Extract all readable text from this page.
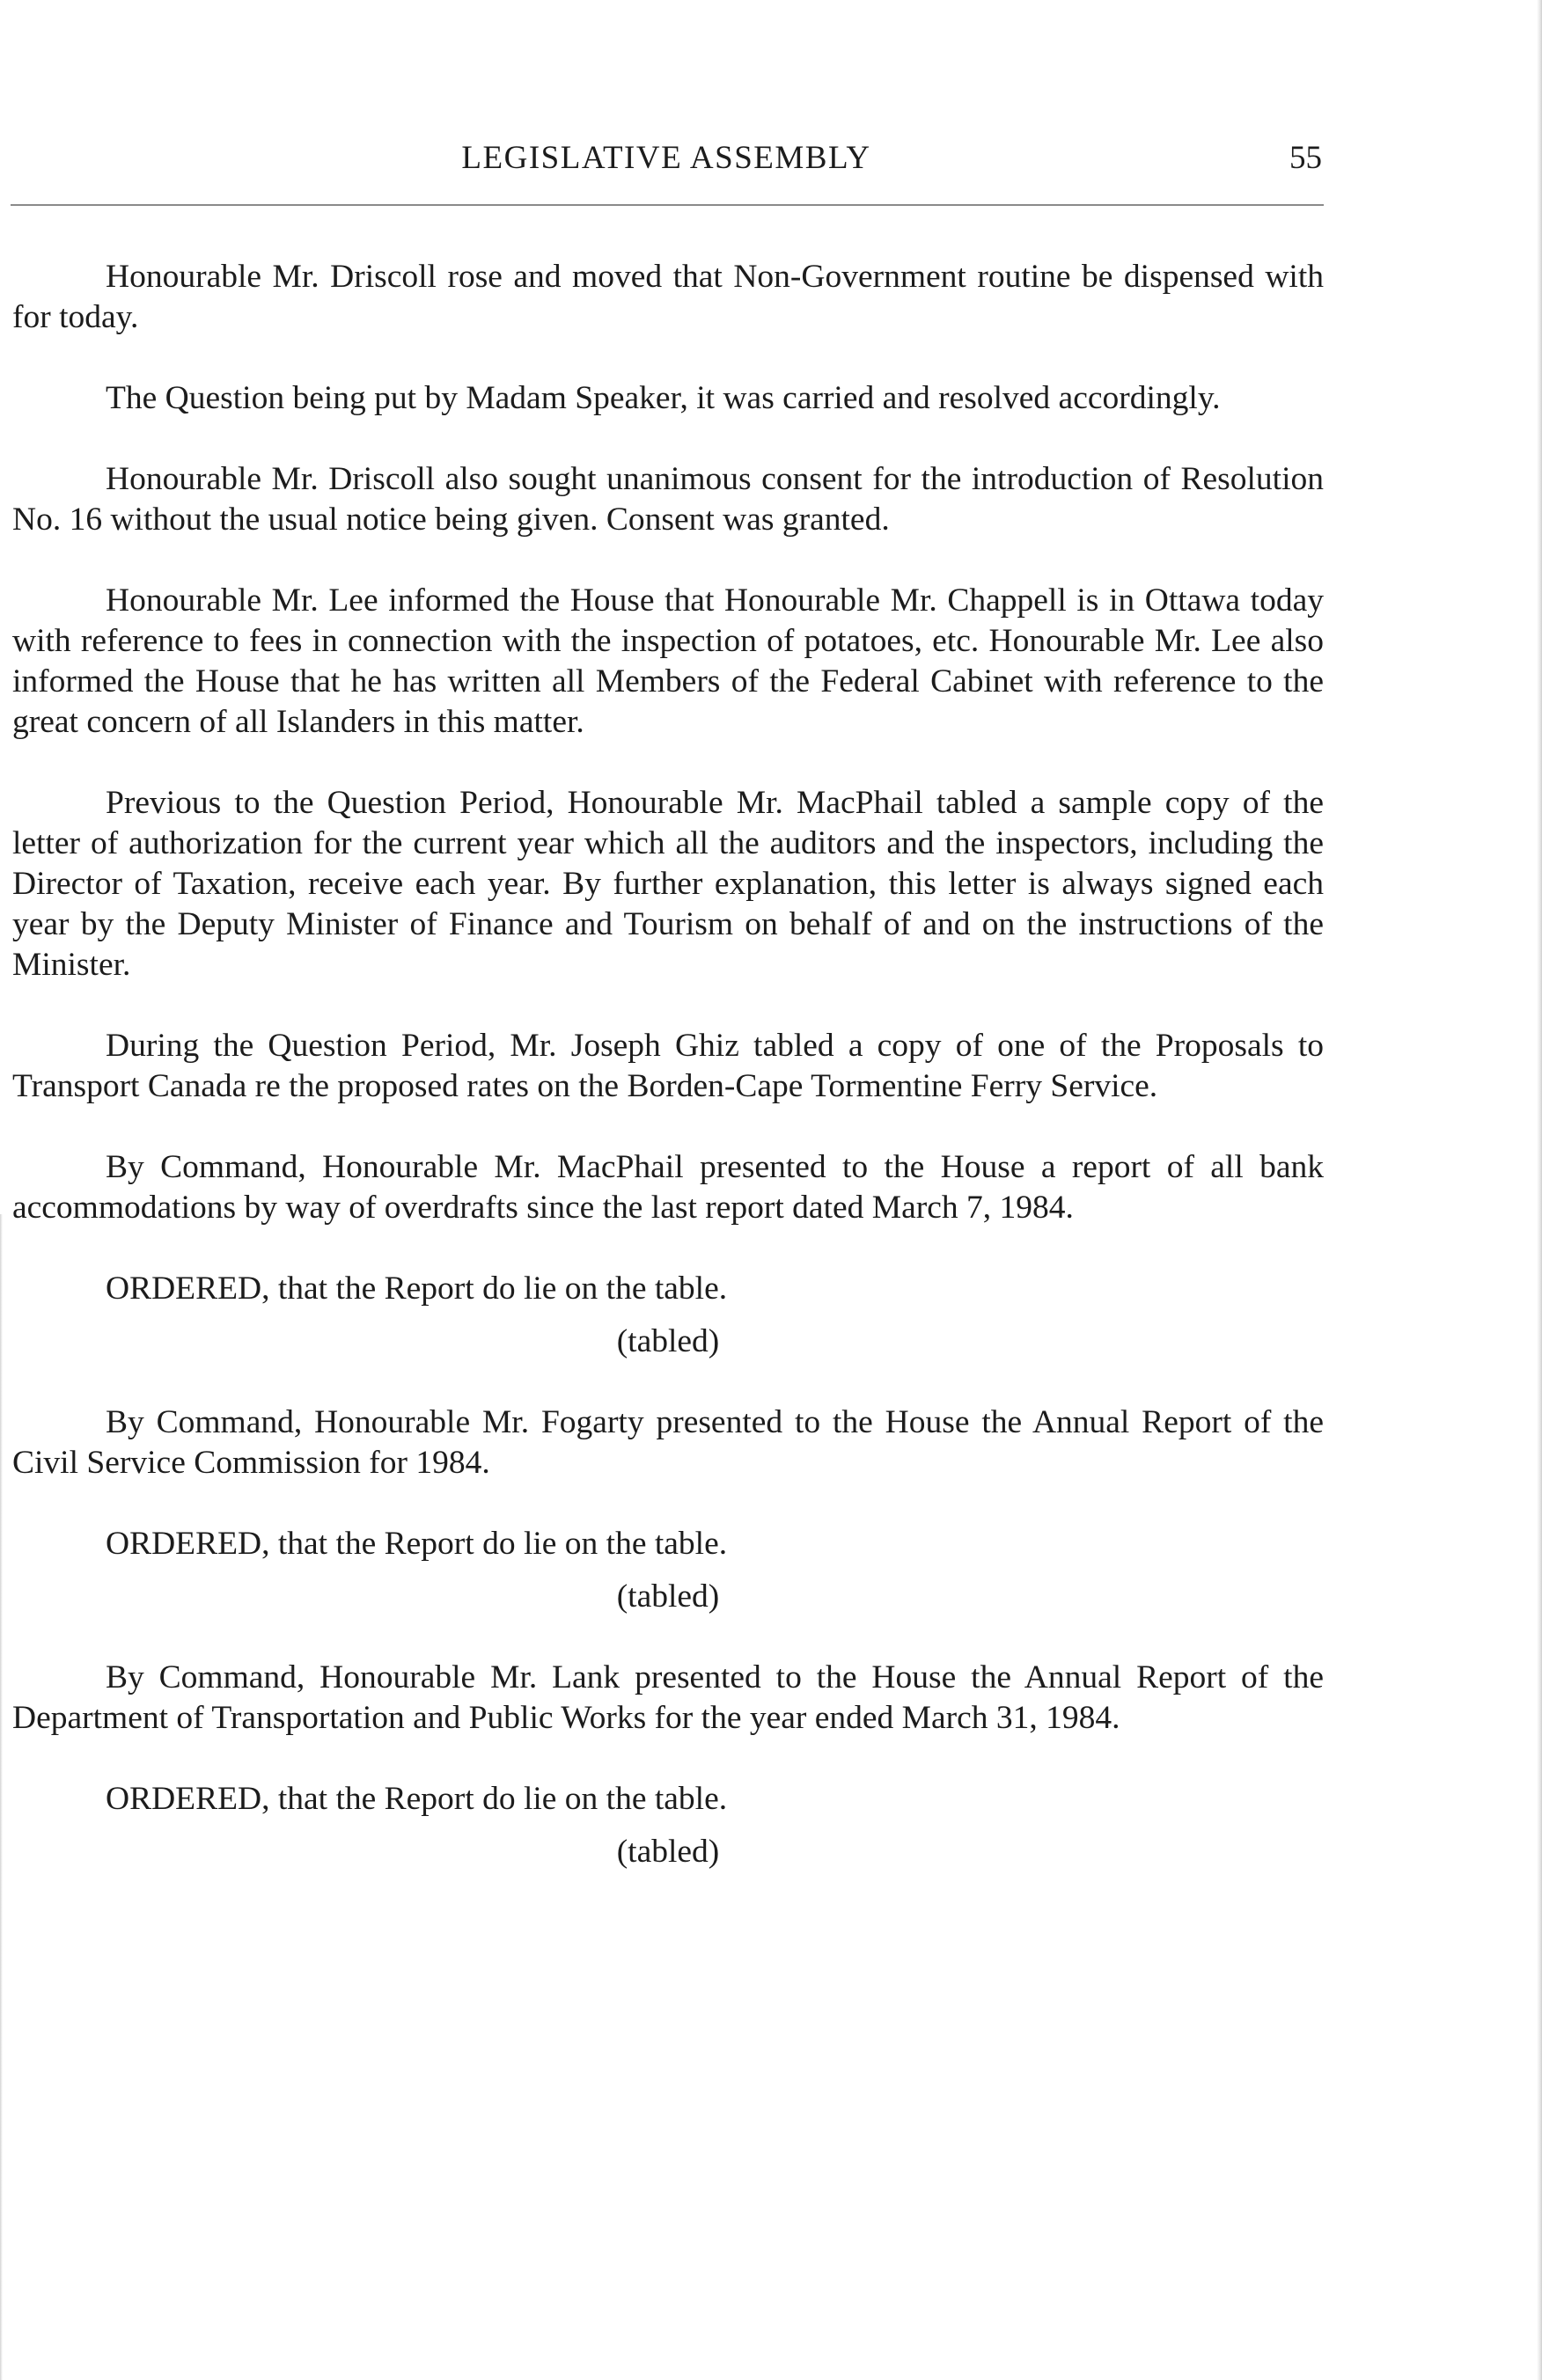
LEGISLATIVE ASSEMBLY	55

Honourable Mr. Driscoll rose and moved that Non-Government routine be dispensed with for today.

The Question being put by Madam Speaker, it was carried and resolved accordingly.

Honourable Mr. Driscoll also sought unanimous consent for the introduction of Resolution No. 16 without the usual notice being given. Consent was granted.

Honourable Mr. Lee informed the House that Honourable Mr. Chappell is in Ottawa today with reference to fees in connection with the inspection of potatoes, etc. Honourable Mr. Lee also informed the House that he has written all Members of the Federal Cabinet with reference to the great concern of all Islanders in this matter.

Previous to the Question Period, Honourable Mr. MacPhail tabled a sample copy of the letter of authorization for the current year which all the auditors and the inspectors, including the Director of Taxation, receive each year. By further explanation, this letter is always signed each year by the Deputy Minister of Finance and Tourism on behalf of and on the instructions of the Minister.

During the Question Period, Mr. Joseph Ghiz tabled a copy of one of the Proposals to Transport Canada re the proposed rates on the Borden-Cape Tormentine Ferry Service.

By Command, Honourable Mr. MacPhail presented to the House a report of all bank accommodations by way of overdrafts since the last report dated March 7, 1984.

ORDERED, that the Report do lie on the table.

(tabled)

By Command, Honourable Mr. Fogarty presented to the House the Annual Report of the Civil Service Commission for 1984.

ORDERED, that the Report do lie on the table.

(tabled)

By Command, Honourable Mr. Lank presented to the House the Annual Report of the Department of Transportation and Public Works for the year ended March 31, 1984.

ORDERED, that the Report do lie on the table.

(tabled)
